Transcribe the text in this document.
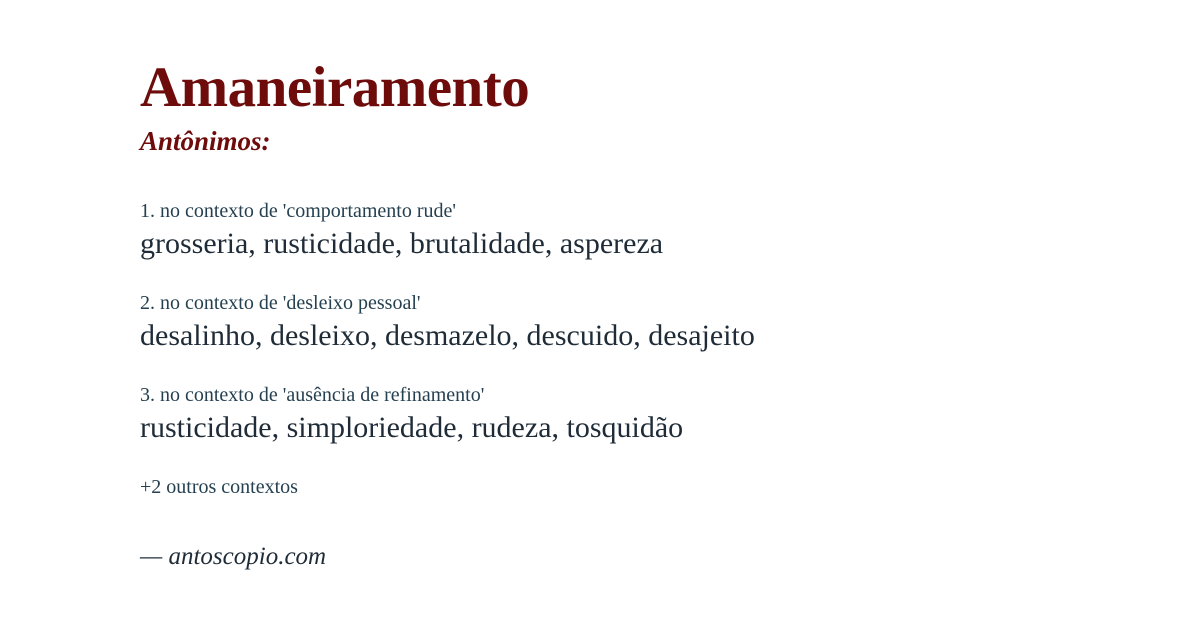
Amaneiramento
Antônimos:
1. no contexto de 'comportamento rude'
grosseria, rusticidade, brutalidade, aspereza
2. no contexto de 'desleixo pessoal'
desalinho, desleixo, desmazelo, descuido, desajeito
3. no contexto de 'ausência de refinamento'
rusticidade, simploriedade, rudeza, tosquidão
+2 outros contextos
— antoscopio.com
